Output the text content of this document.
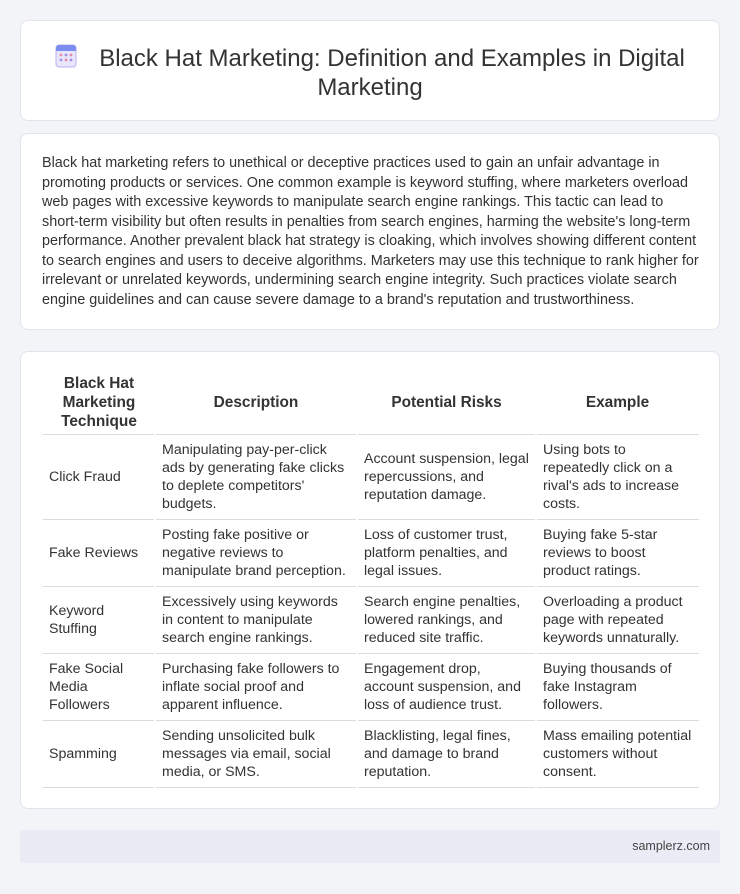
Black Hat Marketing: Definition and Examples in Digital Marketing

Black hat marketing refers to unethical or deceptive practices used to gain an unfair advantage in promoting products or services. One common example is keyword stuffing, where marketers overload web pages with excessive keywords to manipulate search engine rankings. This tactic can lead to short-term visibility but often results in penalties from search engines, harming the website's long-term performance. Another prevalent black hat strategy is cloaking, which involves showing different content to search engines and users to deceive algorithms. Marketers may use this technique to rank higher for irrelevant or unrelated keywords, undermining search engine integrity. Such practices violate search engine guidelines and can cause severe damage to a brand's reputation and trustworthiness.

Black Hat Marketing Technique	Description	Potential Risks	Example
Click Fraud	Manipulating pay-per-click ads by generating fake clicks to deplete competitors' budgets.	Account suspension, legal repercussions, and reputation damage.	Using bots to repeatedly click on a rival's ads to increase costs.
Fake Reviews	Posting fake positive or negative reviews to manipulate brand perception.	Loss of customer trust, platform penalties, and legal issues.	Buying fake 5-star reviews to boost product ratings.
Keyword Stuffing	Excessively using keywords in content to manipulate search engine rankings.	Search engine penalties, lowered rankings, and reduced site traffic.	Overloading a product page with repeated keywords unnaturally.
Fake Social Media Followers	Purchasing fake followers to inflate social proof and apparent influence.	Engagement drop, account suspension, and loss of audience trust.	Buying thousands of fake Instagram followers.
Spamming	Sending unsolicited bulk messages via email, social media, or SMS.	Blacklisting, legal fines, and damage to brand reputation.	Mass emailing potential customers without consent.
samplerz.com
